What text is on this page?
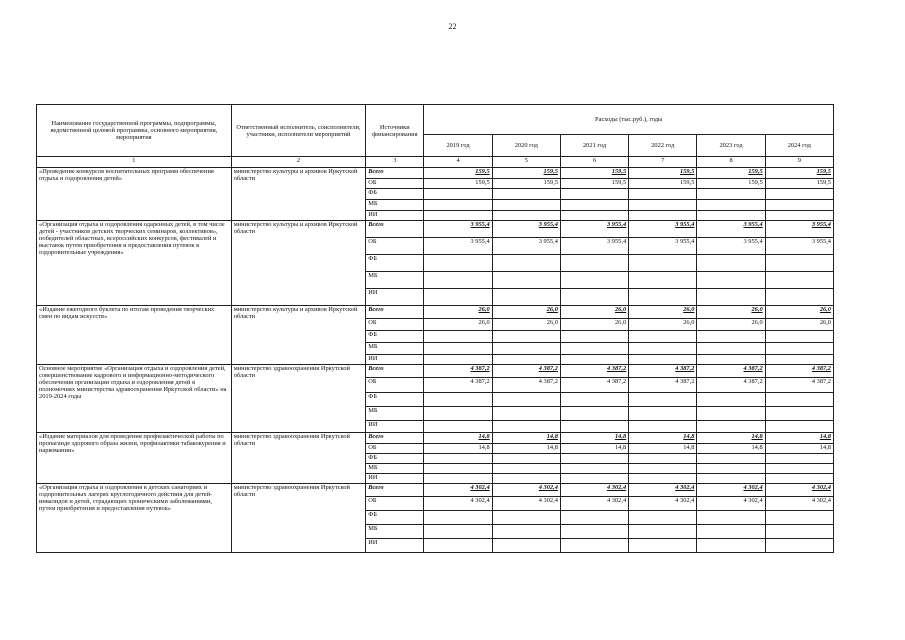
22
Наименование государственной программы, подпрограммы, ведомственной целевой программы, основного мероприятия, мероприятия	Ответственный исполнитель, соисполнители, участники, исполнители мероприятий	Источники финансирования	Расходы (тыс.руб.), годы					
			2019 год	2020 год	2021 год	2022 год	2023 год	2024 год
1	2	3	4	5	6	7	8	9
«Проведение конкурсов воспитательных программ обеспечения отдыха и оздоровления детей»	министерство культуры и архивов Иркутской области	Всего	159,5	159,5	159,5	159,5	159,5	159,5
		ОБ	159,5	159,5	159,5	159,5	159,5	159,5
		ФБ						
		МБ						
		ИИ						
«Организация отдыха и оздоровления одаренных детей, в том числе детей - участников детских творческих семинаров, коллективов», победителей областных, всероссийских конкурсов, фестивалей и выставок путем приобретения и предоставления путевок в оздоровительные учреждения»	министерство культуры и архивов Иркутской области	Всего	3 955,4	3 955,4	3 955,4	3 955,4	3 955,4	3 955,4
		ОБ	3 955,4	3 955,4	3 955,4	3 955,4	3 955,4	3 955,4
		ФБ						
		МБ						
		ИИ						
«Издание ежегодного буклета по итогам проведения творческих смен по видам искусств»	министерство культуры и архивов Иркутской области	Всего	26,0	26,0	26,0	26,0	26,0	26,0
		ОБ	26,0	26,0	26,0	26,0	26,0	26,0
		ФБ						
		МБ						
		ИИ						
Основное мероприятие «Организация отдыха и оздоровления детей, совершенствование кадрового и информационно-методического обеспечения организации отдыха и оздоровления детей в полномочиях министерства здравоохранения Иркутской области» на 2019-2024 годы	министерство здравоохранения Иркутской области	Всего	4 387,2	4 387,2	4 387,2	4 387,2	4 387,2	4 387,2
		ОБ	4 387,2	4 387,2	4 387,2	4 387,2	4 387,2	4 387,2
		ФБ						
		МБ						
		ИИ						
«Издание материалов для проведения профилактической работы по пропаганде здорового образа жизни, профилактики табакокурения и наркомании»	министерство здравоохранения Иркутской области	Всего	14,8	14,8	14,8	14,8	14,8	14,8
		ОБ	14,8	14,8	14,8	14,8	14,8	14,8
		ФБ						
		МБ						
		ИИ						
«Организация отдыха и оздоровления в детских санаториях и оздоровительных лагерях круглогодичного действия для детей-инвалидов и детей, страдающих хроническими заболеваниями, путем приобретения и предоставления путевок»	министерство здравоохранения Иркутской области	Всего	4 302,4	4 302,4	4 302,4	4 302,4	4 302,4	4 302,4
		ОБ	4 302,4	4 302,4	4 302,4	4 302,4	4 302,4	4 302,4
		ФБ						
		МБ						
		ИИ						
